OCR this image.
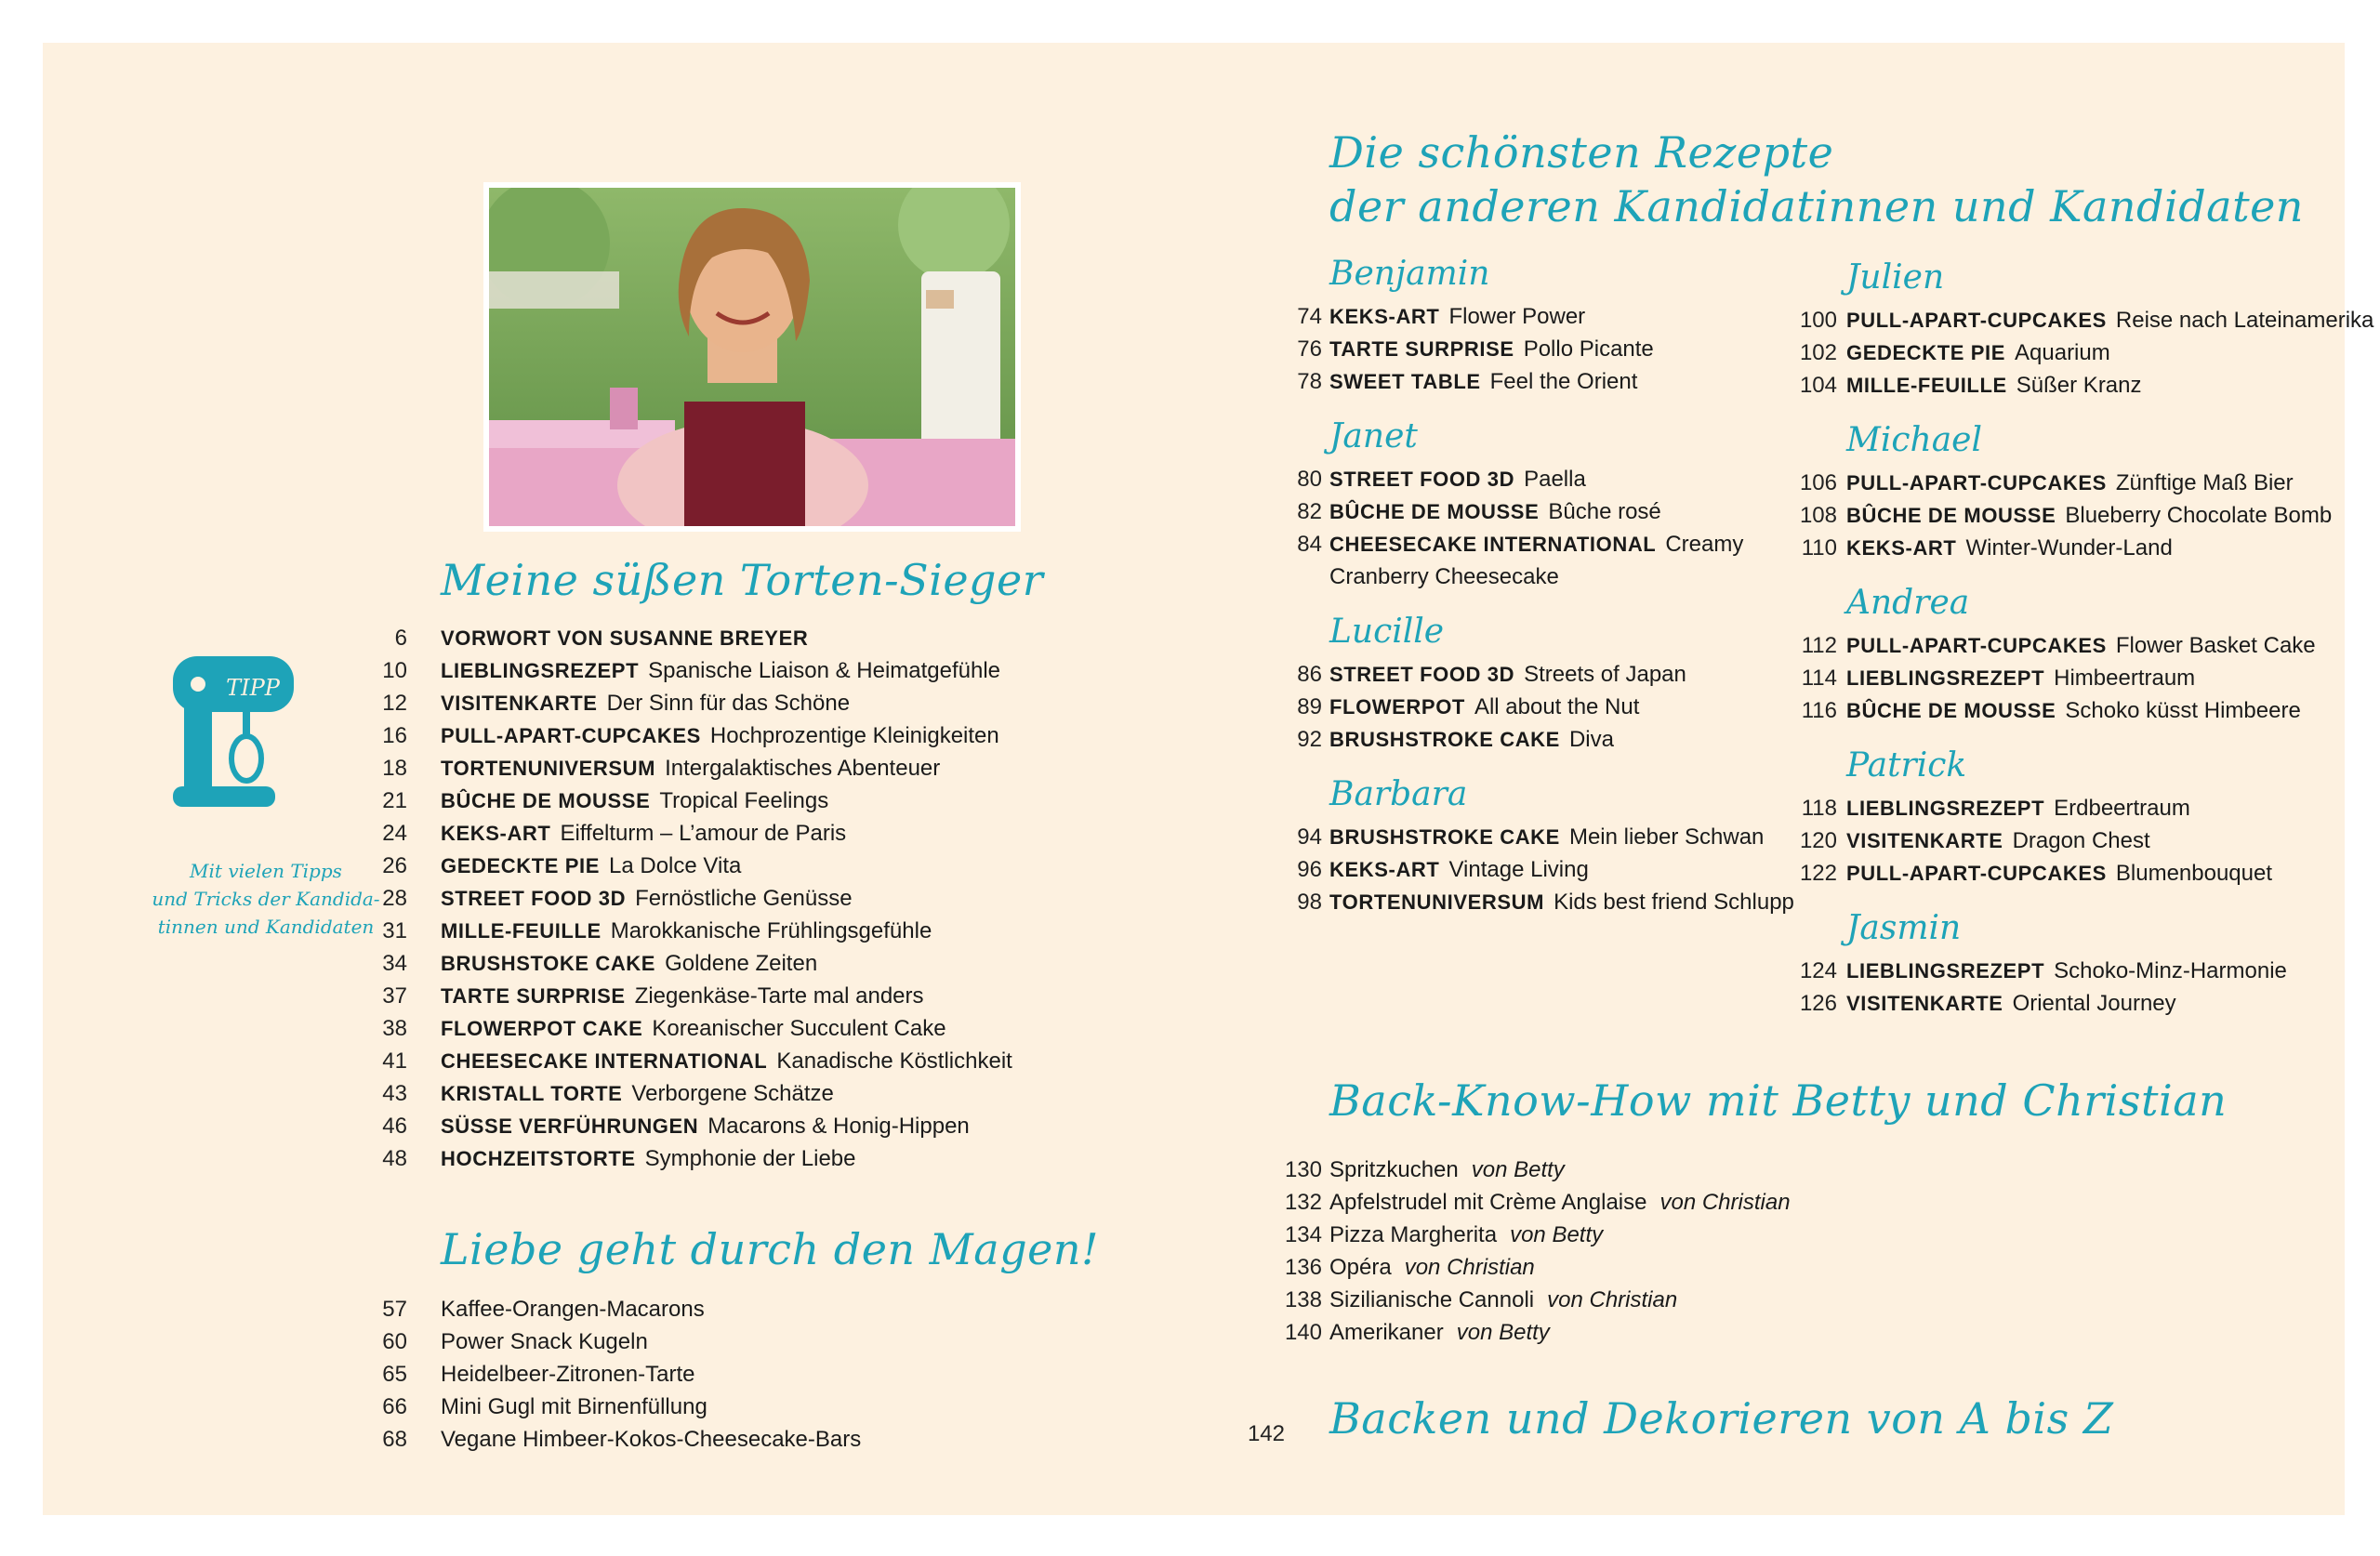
TIPP
Mit vielen Tipps
und Tricks der Kandida-
tinnen und Kandidaten
Meine süßen Torten-Sieger
6 VORWORT VON SUSANNE BREYER
10 LIEBLINGSREZEPT Spanische Liaison & Heimatgefühle
12 VISITENKARTE Der Sinn für das Schöne
16 PULL-APART-CUPCAKES Hochprozentige Kleinigkeiten
18 TORTENUNIVERSUM Intergalaktisches Abenteuer
21 BÛCHE DE MOUSSE Tropical Feelings
24 KEKS-ART Eiffelturm – L’amour de Paris
26 GEDECKTE PIE La Dolce Vita
28 STREET FOOD 3D Fernöstliche Genüsse
31 MILLE-FEUILLE Marokkanische Frühlingsgefühle
34 BRUSHSTOKE CAKE Goldene Zeiten
37 TARTE SURPRISE Ziegenkäse-Tarte mal anders
38 FLOWERPOT CAKE Koreanischer Succulent Cake
41 CHEESECAKE INTERNATIONAL Kanadische Köstlichkeit
43 KRISTALL TORTE Verborgene Schätze
46 SÜSSE VERFÜHRUNGEN Macarons & Honig-Hippen
48 HOCHZEITSTORTE Symphonie der Liebe
Liebe geht durch den Magen!
57 Kaffee-Orangen-Macarons
60 Power Snack Kugeln
65 Heidelbeer-Zitronen-Tarte
66 Mini Gugl mit Birnenfüllung
68 Vegane Himbeer-Kokos-Cheesecake-Bars
Die schönsten Rezepte
der anderen Kandidatinnen und Kandidaten
Benjamin
74 KEKS-ART Flower Power
76 TARTE SURPRISE Pollo Picante
78 SWEET TABLE Feel the Orient
Janet
80 STREET FOOD 3D Paella
82 BÛCHE DE MOUSSE Bûche rosé
84 CHEESECAKE INTERNATIONAL Creamy
Cranberry Cheesecake
Lucille
86 STREET FOOD 3D Streets of Japan
89 FLOWERPOT All about the Nut
92 BRUSHSTROKE CAKE Diva
Barbara
94 BRUSHSTROKE CAKE Mein lieber Schwan
96 KEKS-ART Vintage Living
98 TORTENUNIVERSUM Kids best friend Schlupp
Julien
100 PULL-APART-CUPCAKES Reise nach Lateinamerika
102 GEDECKTE PIE Aquarium
104 MILLE-FEUILLE Süßer Kranz
Michael
106 PULL-APART-CUPCAKES Zünftige Maß Bier
108 BÛCHE DE MOUSSE Blueberry Chocolate Bomb
110 KEKS-ART Winter-Wunder-Land
Andrea
112 PULL-APART-CUPCAKES Flower Basket Cake
114 LIEBLINGSREZEPT Himbeertraum
116 BÛCHE DE MOUSSE Schoko küsst Himbeere
Patrick
118 LIEBLINGSREZEPT Erdbeertraum
120 VISITENKARTE Dragon Chest
122 PULL-APART-CUPCAKES Blumenbouquet
Jasmin
124 LIEBLINGSREZEPT Schoko-Minz-Harmonie
126 VISITENKARTE Oriental Journey
Back-Know-How mit Betty und Christian
130 Spritzkuchen von Betty
132 Apfelstrudel mit Crème Anglaise von Christian
134 Pizza Margherita von Betty
136 Opéra von Christian
138 Sizilianische Cannoli von Christian
140 Amerikaner von Betty
142 Backen und Dekorieren von A bis Z
